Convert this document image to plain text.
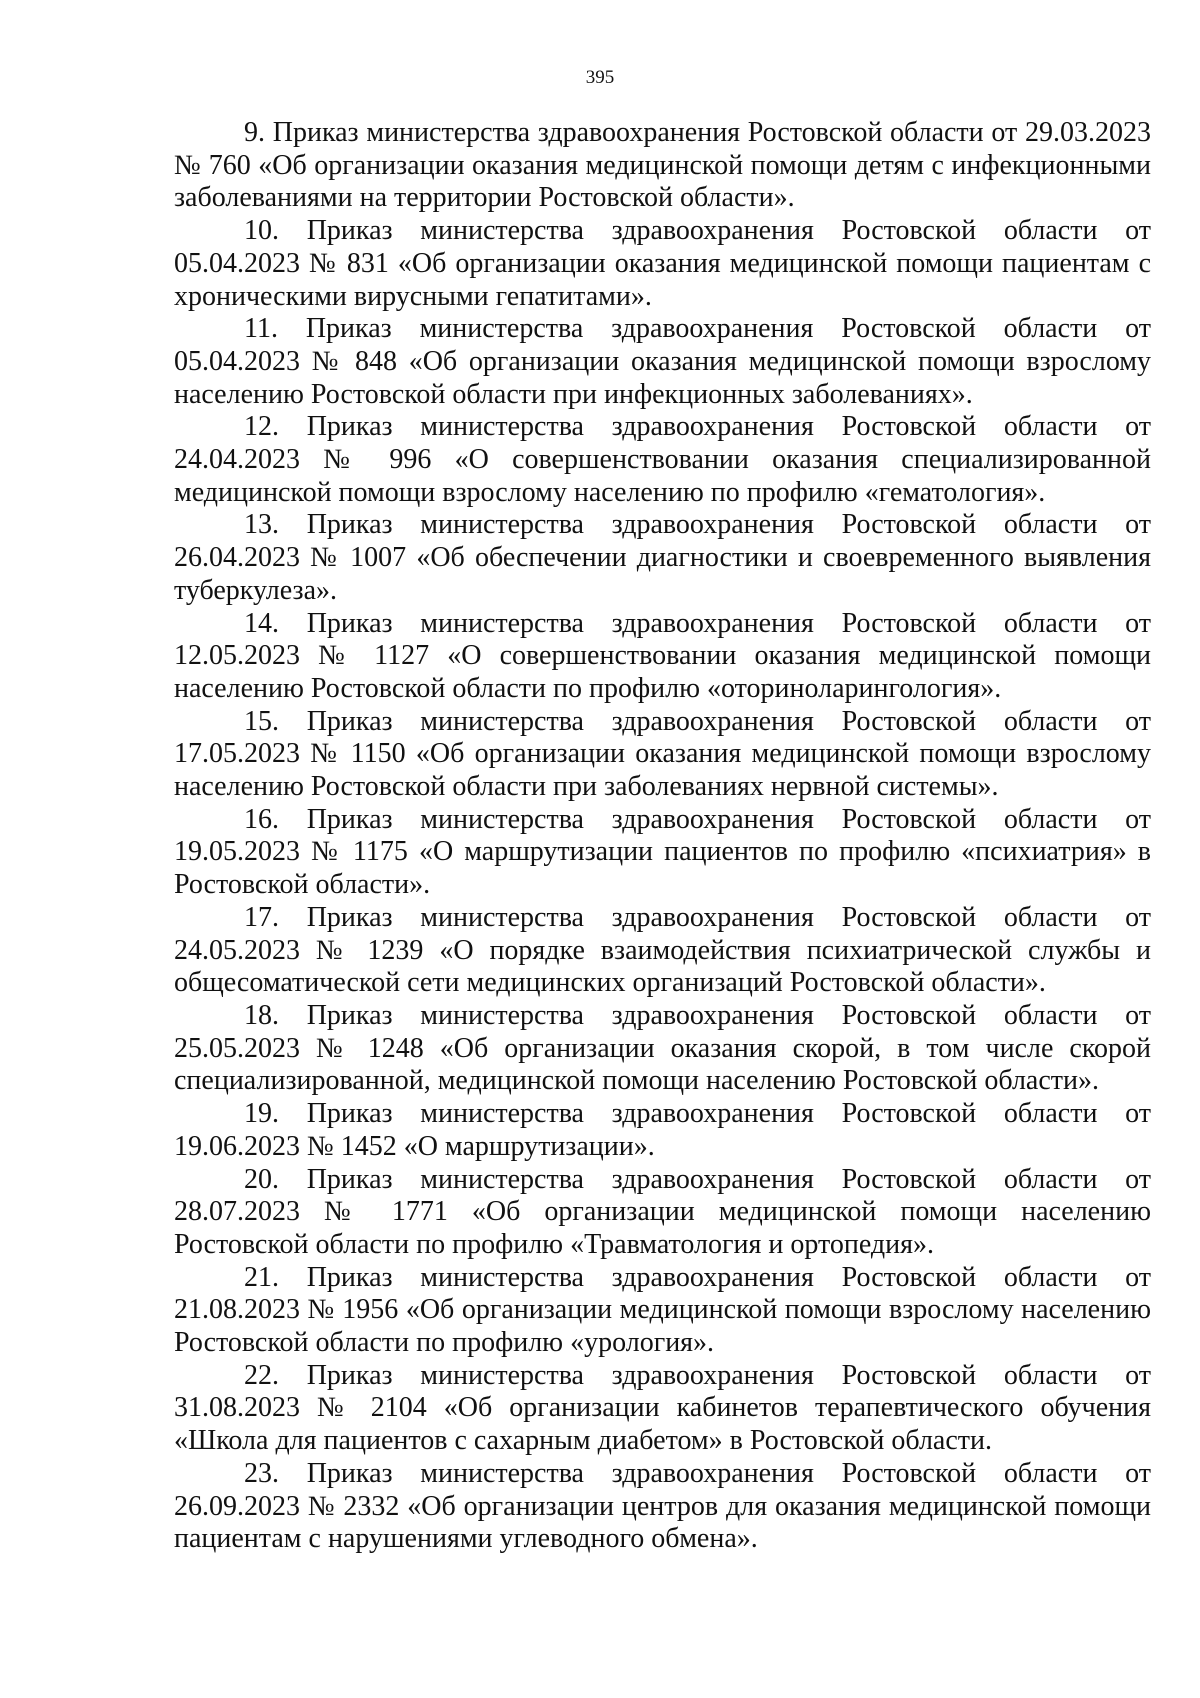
395

9. Приказ министерства здравоохранения Ростовской области от 29.03.2023 № 760 «Об организации оказания медицинской помощи детям с инфекционными заболеваниями на территории Ростовской области».

10. Приказ министерства здравоохранения Ростовской области от 05.04.2023 № 831 «Об организации оказания медицинской помощи пациентам с хроническими вирусными гепатитами».

11. Приказ министерства здравоохранения Ростовской области от 05.04.2023 № 848 «Об организации оказания медицинской помощи взрослому населению Ростовской области при инфекционных заболеваниях».

12. Приказ министерства здравоохранения Ростовской области от 24.04.2023 № 996 «О совершенствовании оказания специализированной медицинской помощи взрослому населению по профилю «гематология».

13. Приказ министерства здравоохранения Ростовской области от 26.04.2023 № 1007 «Об обеспечении диагностики и своевременного выявления туберкулеза».

14. Приказ министерства здравоохранения Ростовской области от 12.05.2023 № 1127 «О совершенствовании оказания медицинской помощи населению Ростовской области по профилю «оториноларингология».

15. Приказ министерства здравоохранения Ростовской области от 17.05.2023 № 1150 «Об организации оказания медицинской помощи взрослому населению Ростовской области при заболеваниях нервной системы».

16. Приказ министерства здравоохранения Ростовской области от 19.05.2023 № 1175 «О маршрутизации пациентов по профилю «психиатрия» в Ростовской области».

17. Приказ министерства здравоохранения Ростовской области от 24.05.2023 № 1239 «О порядке взаимодействия психиатрической службы и общесоматической сети медицинских организаций Ростовской области».

18. Приказ министерства здравоохранения Ростовской области от 25.05.2023 № 1248 «Об организации оказания скорой, в том числе скорой специализированной, медицинской помощи населению Ростовской области».

19. Приказ министерства здравоохранения Ростовской области от 19.06.2023 № 1452 «О маршрутизации».

20. Приказ министерства здравоохранения Ростовской области от 28.07.2023 № 1771 «Об организации медицинской помощи населению Ростовской области по профилю «Травматология и ортопедия».

21. Приказ министерства здравоохранения Ростовской области от 21.08.2023 № 1956 «Об организации медицинской помощи взрослому населению Ростовской области по профилю «урология».

22. Приказ министерства здравоохранения Ростовской области от 31.08.2023 № 2104 «Об организации кабинетов терапевтического обучения «Школа для пациентов с сахарным диабетом» в Ростовской области.

23. Приказ министерства здравоохранения Ростовской области от 26.09.2023 № 2332 «Об организации центров для оказания медицинской помощи пациентам с нарушениями углеводного обмена».
